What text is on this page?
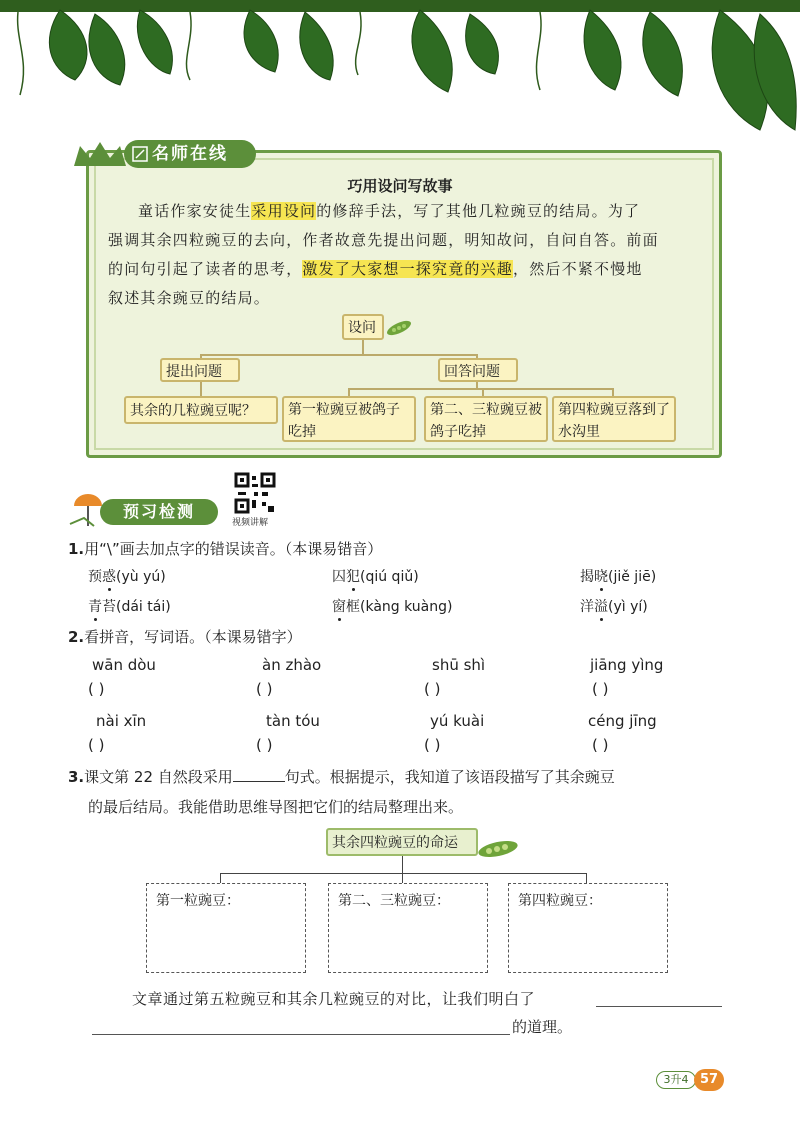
名师在线
巧用设问写故事
童话作家安徒生采用设问的修辞手法，写了其他几粒豌豆的结局。为了
强调其余四粒豌豆的去向，作者故意先提出问题，明知故问，自问自答。前面
的问句引起了读者的思考，激发了大家想一探究竟的兴趣，然后不紧不慢地
叙述其余豌豆的结局。
设问
提出问题	回答问题
其余的几粒豌豆呢？	第一粒豌豆被鸽子吃掉
第二、三粒豌豆被鸽子吃掉
第四粒豌豆落到了水沟里
预习检测
视频讲解
1.用“\”画去加点字的错误读音。（本课易错音）
预惑(yù yú)	囚犯(qiú qiǔ)	揭晓(jiě jiē)
青苔(dái tái)	窗框(kàng kuàng)	洋溢(yì yí)
2.看拼音，写词语。（本课易错字）
wān dòu	àn zhào	shū shì	jiāng yìng
( )	( )	( )	( )
nài xīn	tàn tóu	yú kuài	céng jīng
( )	( )	( )	( )
3.课文第 22 自然段采用	句式。根据提示，我知道了该语段描写了其余豌豆
的最后结局。我能借助思维导图把它们的结局整理出来。
其余四粒豌豆的命运
第一粒豌豆：	第二、三粒豌豆：	第四粒豌豆：
文章通过第五粒豌豆和其余几粒豌豆的对比，让我们明白了
的道理。
3升4 57
